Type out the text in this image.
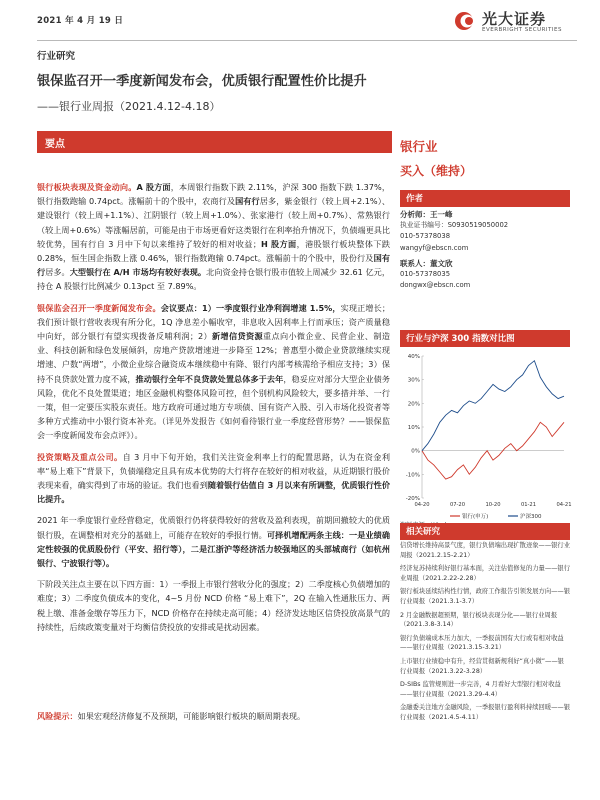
2021 年 4 月 19 日	光大证券
EVERBRIGHT SECURITIES
行业研究
银保监召开一季度新闻发布会，优质银行配置性价比提升
——银行业周报（2021.4.12-4.18）
要点

银行板块表现及资金动向。A 股方面，本周银行指数下跌 2.11%，沪深 300 指数下跌 1.37%，银行指数跑输 0.74pct。涨幅前十的个股中，农商行及国有行居多，紫金银行（较上周+2.1%）、建设银行（较上周+1.1%）、江阴银行（较上周+1.0%）、张家港行（较上周+0.7%）、常熟银行（较上周+0.6%）等涨幅居前，可能是由于市场更看好这类银行在利率抬升情况下，负债端更具比较优势，国有行自 3 月中下旬以来维持了较好的相对收益；H 股方面，港股银行板块整体下跌 0.28%，恒生国企指数上涨 0.46%，银行指数跑输 0.74pct。涨幅前十的个股中，股份行及国有行居多。大型银行在 A/H 市场均有较好表现。北向资金持仓银行股市值较上周减少 32.61 亿元，持仓 A 股银行比例减少 0.13pct 至 7.89%。

银保监会召开一季度新闻发布会。会议要点：1）一季度银行业净利润增速 1.5%，实现正增长；我们预计银行营收表现有所分化，1Q 净息差小幅收窄，非息收入因利率上行而承压；资产质量稳中向好，部分银行有望实现拨备反哺利润；2）新增信贷资源重点向小微企业、民营企业、制造业、科技创新和绿色发展倾斜，房地产贷款增速进一步降至 12%；普惠型小微企业贷款继续实现增速、户数“两增”，小微企业综合融资成本继续稳中有降、银行内部考核需给予相应支持；3）保持不良贷款处置力度不减，推动银行全年不良贷款处置总体多于去年，稳妥应对部分大型企业债务风险，优化不良处置渠道；地区金融机构整体风险可控，但个别机构风险较大，要多措并举、一行一策，但一定要压实股东责任。地方政府可通过地方专项债、国有资产入股、引入市场化投资者等多种方式推动中小银行资本补充。（详见外发报告《如何看待银行业一季度经营形势？——银保监会一季度新闻发布会点评》）。

投资策略及重点公司。自 3 月中下旬开始，我们关注资金利率上行的配置思路，认为在资金利率“易上难下”背景下，负债端稳定且具有成本优势的大行将存在较好的相对收益，从近期银行股价表现来看，确实得到了市场的验证。我们也看到随着银行估值自 3 月以来有所调整，优质银行性价比提升。

2021 年一季度银行业经营稳定，优质银行仍将获得较好的营收及盈利表现，前期回撤较大的优质银行股，在调整相对充分的基础上，可能存在较好的季报行情。可择机增配两条主线：一是业绩确定性较强的优质股份行（平安、招行等），二是江浙沪等经济活力较强地区的头部城商行（如杭州银行、宁波银行等）。

下阶段关注点主要在以下四方面：1）一季报上市银行营收分化的强度；2）二季度核心负债增加的难度；3）二季度负债成本的变化，4~5 月份 NCD 价格 “易上难下”，2Q 在输入性通胀压力、两税上缴、准备金缴存等压力下，NCD 价格存在持续走高可能；4）经济发达地区信贷投放高景气的持续性，后续政策变量对于均衡信贷投放的安排或是扰动因素。

风险提示：如果宏观经济修复不及预期，可能影响银行板块的顺周期表现。
银行业
买入（维持）
作者
分析师：王一峰
执业证书编号：S0930519050002
010-57378038
wangyf@ebscn.com
联系人：董文欣
010-57378035
dongwx@ebscn.com
行业与沪深 300 指数对比图
40%
30%
20%
10%
0%
-10%
-20%
04-20	07-20	10-20	01-21	04-21
银行(申万)	沪深300
相关研究
信贷增长维持高景气度，银行负债端出现扩散迹象——银行业周报（2021.2.15-2.21）
经济复苏持续利好银行基本面，关注估值修复的力量——银行业周报（2021.2.22-2.28）
银行板块延续结构性行情，政府工作报告引领发展方向——银行业周报（2021.3.1-3.7）
2 月金融数据超预期，银行板块表现分化——银行业周报（2021.3.8-3.14）
银行负债端成本压力加大，一季报前国有大行或有相对收益——银行业周报（2021.3.15-3.21）
上市银行业绩稳中有升，经营贯彻新规利好“真小微”——银行业周报（2021.3.22-3.28）
D-SIBs 监管规则进一步完善，4 月看好大型银行相对收益——银行业周报（2021.3.29-4.4）
金融委关注地方金融风险，一季报银行盈利料持续回暖——银行业周报（2021.4.5-4.11）
